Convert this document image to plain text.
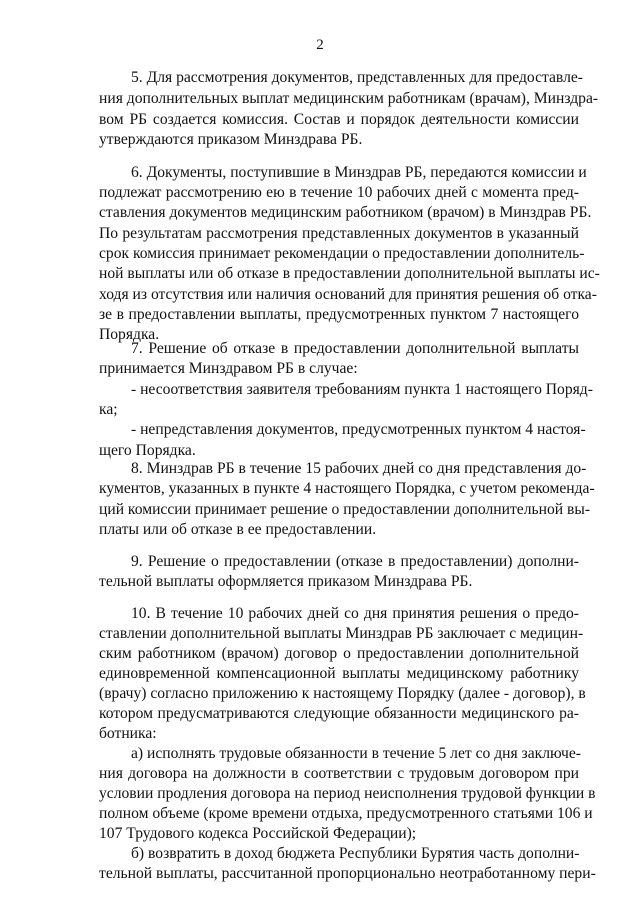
2
5. Для рассмотрения документов, представленных для предоставле-
ния дополнительных выплат медицинским работникам (врачам), Минздра-
вом РБ создается комиссия. Состав и порядок деятельности комиссии
утверждаются приказом Минздрава РБ.
6. Документы, поступившие в Минздрав РБ, передаются комиссии и
подлежат рассмотрению ею в течение 10 рабочих дней с момента пред-
ставления документов медицинским работником (врачом) в Минздрав РБ.
По результатам рассмотрения представленных документов в указанный
срок комиссия принимает рекомендации о предоставлении дополнитель-
ной выплаты или об отказе в предоставлении дополнительной выплаты ис-
ходя из отсутствия или наличия оснований для принятия решения об отка-
зе в предоставлении выплаты, предусмотренных пунктом 7 настоящего
Порядка.
7. Решение об отказе в предоставлении дополнительной выплаты
принимается Минздравом РБ в случае:
- несоответствия заявителя требованиям пункта 1 настоящего Поряд-
ка;
- непредставления документов, предусмотренных пунктом 4 настоя-
щего Порядка.
8. Минздрав РБ в течение 15 рабочих дней со дня представления до-
кументов, указанных в пункте 4 настоящего Порядка, с учетом рекоменда-
ций комиссии принимает решение о предоставлении дополнительной вы-
платы или об отказе в ее предоставлении.
9. Решение о предоставлении (отказе в предоставлении) дополни-
тельной выплаты оформляется приказом Минздрава РБ.
10. В течение 10 рабочих дней со дня принятия решения о предо-
ставлении дополнительной выплаты Минздрав РБ заключает с медицин-
ским работником (врачом) договор о предоставлении дополнительной
единовременной компенсационной выплаты медицинскому работнику
(врачу) согласно приложению к настоящему Порядку (далее - договор), в
котором предусматриваются следующие обязанности медицинского ра-
ботника:
а) исполнять трудовые обязанности в течение 5 лет со дня заключе-
ния договора на должности в соответствии с трудовым договором при
условии продления договора на период неисполнения трудовой функции в
полном объеме (кроме времени отдыха, предусмотренного статьями 106 и
107 Трудового кодекса Российской Федерации);
б) возвратить в доход бюджета Республики Бурятия часть дополни-
тельной выплаты, рассчитанной пропорционально неотработанному пери-
